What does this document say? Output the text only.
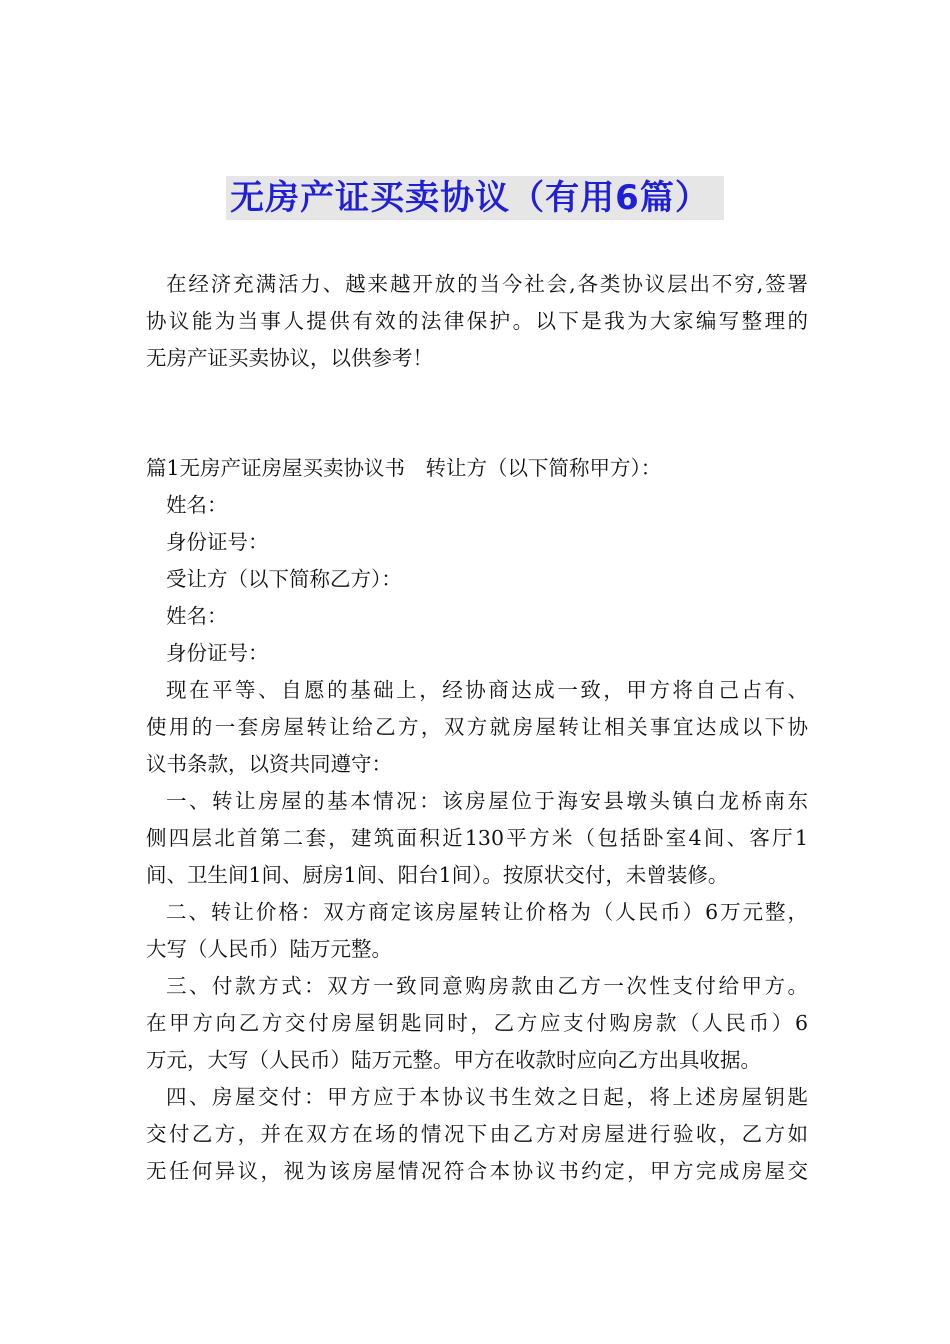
无房产证买卖协议（有用6篇）
在经济充满活力、越来越开放的当今社会,各类协议层出不穷,签署
协议能为当事人提供有效的法律保护。以下是我为大家编写整理的
无房产证买卖协议，以供参考！
篇1无房产证房屋买卖协议书　转让方（以下简称甲方）：
姓名：
身份证号：
受让方（以下简称乙方）：
姓名：
身份证号：
现在平等、自愿的基础上，经协商达成一致，甲方将自己占有、
使用的一套房屋转让给乙方，双方就房屋转让相关事宜达成以下协
议书条款，以资共同遵守：
一、转让房屋的基本情况：该房屋位于海安县墩头镇白龙桥南东
侧四层北首第二套，建筑面积近130平方米（包括卧室4间、客厅1
间、卫生间1间、厨房1间、阳台1间）。按原状交付，未曾装修。
二、转让价格：双方商定该房屋转让价格为（人民币）6万元整，
大写（人民币）陆万元整。
三、付款方式：双方一致同意购房款由乙方一次性支付给甲方。
在甲方向乙方交付房屋钥匙同时，乙方应支付购房款（人民币）6
万元，大写（人民币）陆万元整。甲方在收款时应向乙方出具收据。
四、房屋交付：甲方应于本协议书生效之日起，将上述房屋钥匙
交付乙方，并在双方在场的情况下由乙方对房屋进行验收，乙方如
无任何异议，视为该房屋情况符合本协议书约定，甲方完成房屋交
